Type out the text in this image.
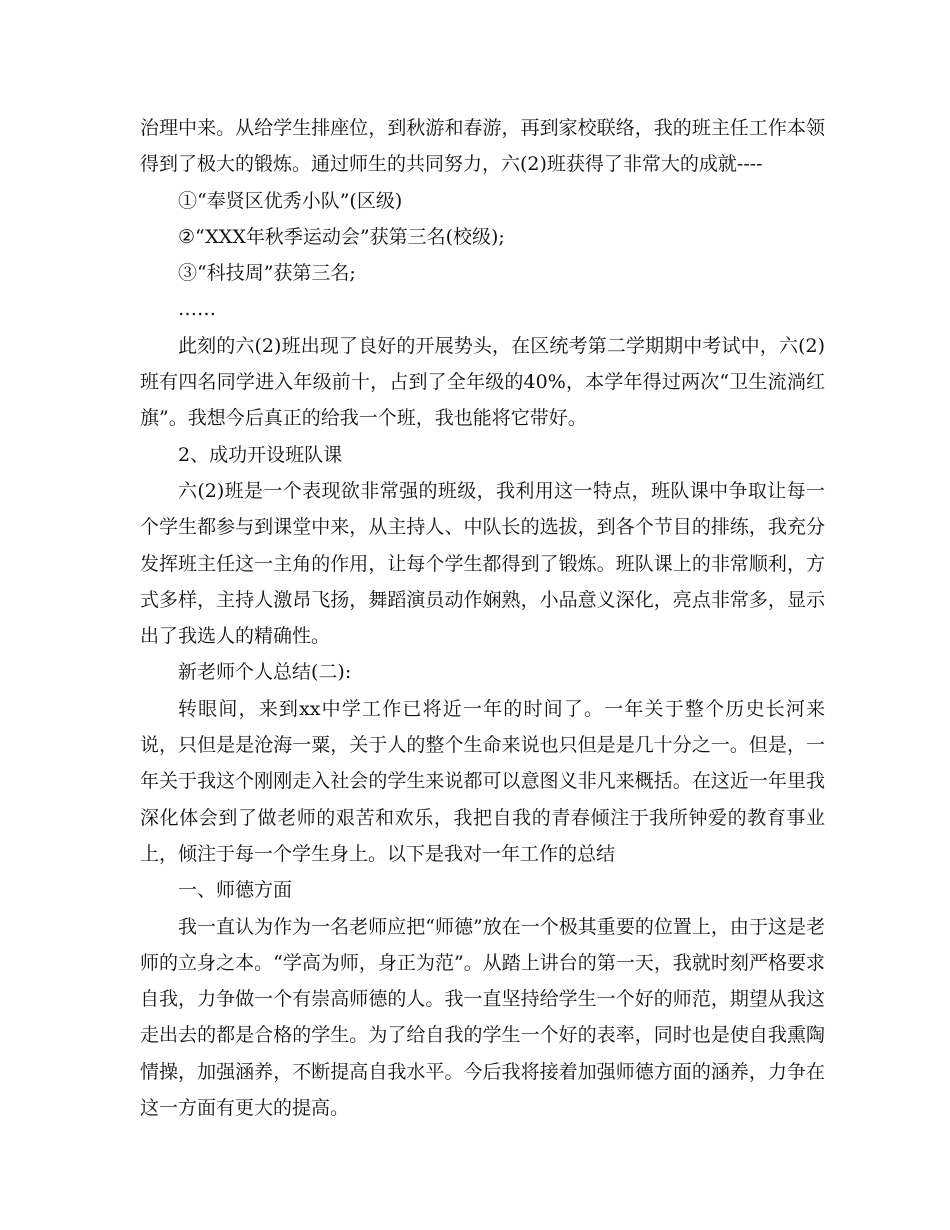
治理中来。从给学生排座位，到秋游和春游，再到家校联络，我的班主任工作本领得到了极大的锻炼。通过师生的共同努力，六(2)班获得了非常大的成就----

①“奉贤区优秀小队”(区级)

②“XXX年秋季运动会”获第三名(校级);

③“科技周”获第三名;

……

此刻的六(2)班出现了良好的开展势头，在区统考第二学期期中考试中，六(2)班有四名同学进入年级前十，占到了全年级的40%，本学年得过两次“卫生流淌红旗”。我想今后真正的给我一个班，我也能将它带好。

2、成功开设班队课

六(2)班是一个表现欲非常强的班级，我利用这一特点，班队课中争取让每一个学生都参与到课堂中来，从主持人、中队长的选拔，到各个节目的排练，我充分发挥班主任这一主角的作用，让每个学生都得到了锻炼。班队课上的非常顺利，方式多样，主持人激昂飞扬，舞蹈演员动作娴熟，小品意义深化，亮点非常多，显示出了我选人的精确性。

新老师个人总结(二):

转眼间，来到xx中学工作已将近一年的时间了。一年关于整个历史长河来说，只但是是沧海一粟，关于人的整个生命来说也只但是是几十分之一。但是，一年关于我这个刚刚走入社会的学生来说都可以意图义非凡来概括。在这近一年里我深化体会到了做老师的艰苦和欢乐，我把自我的青春倾注于我所钟爱的教育事业上，倾注于每一个学生身上。以下是我对一年工作的总结

一、师德方面

我一直认为作为一名老师应把“师德”放在一个极其重要的位置上，由于这是老师的立身之本。“学高为师，身正为范”。从踏上讲台的第一天，我就时刻严格要求自我，力争做一个有崇高师德的人。我一直坚持给学生一个好的师范，期望从我这走出去的都是合格的学生。为了给自我的学生一个好的表率，同时也是使自我熏陶情操，加强涵养，不断提高自我水平。今后我将接着加强师德方面的涵养，力争在这一方面有更大的提高。
